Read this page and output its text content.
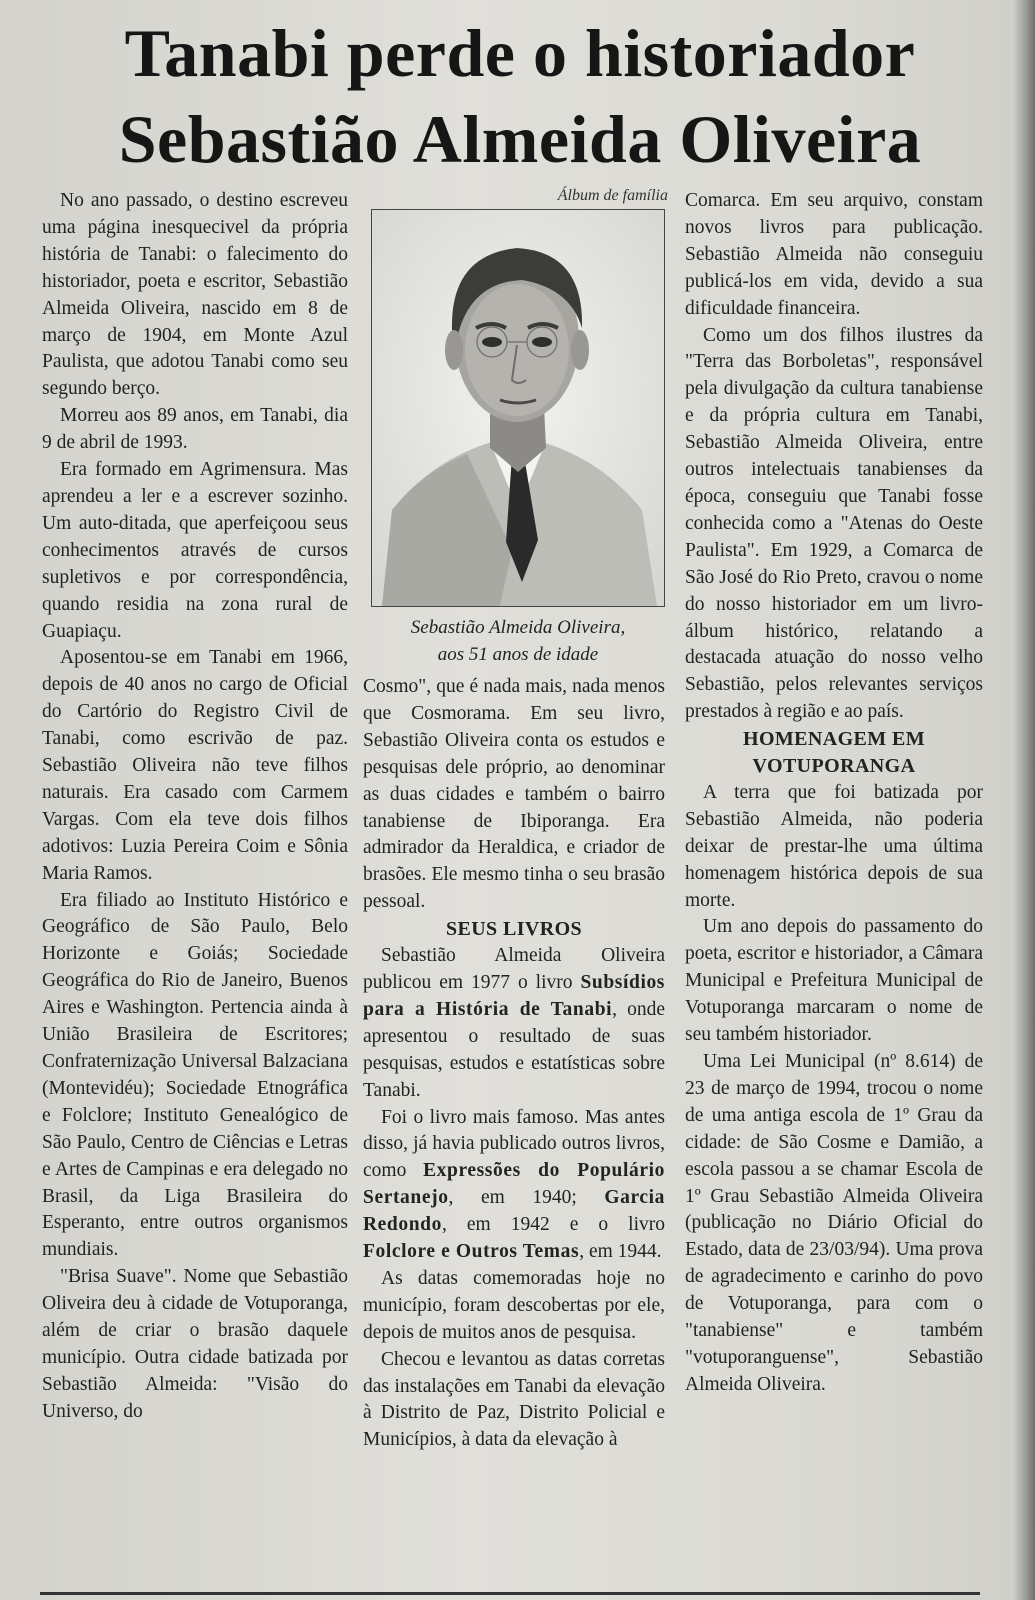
Tanabi perde o historiador
Sebastião Almeida Oliveira

No ano passado, o destino escreveu uma página inesquecivel da própria história de Tanabi: o falecimento do historiador, poeta e escritor, Sebastião Almeida Oliveira, nascido em 8 de março de 1904, em Monte Azul Paulista, que adotou Tanabi como seu segundo berço.

Morreu aos 89 anos, em Tanabi, dia 9 de abril de 1993.

Era formado em Agrimensura. Mas aprendeu a ler e a escrever sozinho. Um auto-ditada, que aperfeiçoou seus conhecimentos através de cursos supletivos e por correspondência, quando residia na zona rural de Guapiaçu.

Aposentou-se em Tanabi em 1966, depois de 40 anos no cargo de Oficial do Cartório do Registro Civil de Tanabi, como escrivão de paz. Sebastião Oliveira não teve filhos naturais. Era casado com Carmem Vargas. Com ela teve dois filhos adotivos: Luzia Pereira Coim e Sônia Maria Ramos.

Era filiado ao Instituto Histórico e Geográfico de São Paulo, Belo Horizonte e Goiás; Sociedade Geográfica do Rio de Janeiro, Buenos Aires e Washington. Pertencia ainda à União Brasileira de Escritores; Confraternização Universal Balzaciana (Montevidéu); Sociedade Etnográfica e Folclore; Instituto Genealógico de São Paulo, Centro de Ciências e Letras e Artes de Campinas e era delegado no Brasil, da Liga Brasileira do Esperanto, entre outros organismos mundiais.

"Brisa Suave". Nome que Sebastião Oliveira deu à cidade de Votuporanga, além de criar o brasão daquele município. Outra cidade batizada por Sebastião Almeida: "Visão do Universo, do

Álbum de família
Sebastião Almeida Oliveira,
aos 51 anos de idade

Cosmo", que é nada mais, nada menos que Cosmorama. Em seu livro, Sebastião Oliveira conta os estudos e pesquisas dele próprio, ao denominar as duas cidades e também o bairro tanabiense de Ibiporanga. Era admirador da Heraldica, e criador de brasões. Ele mesmo tinha o seu brasão pessoal.

SEUS LIVROS

Sebastião Almeida Oliveira publicou em 1977 o livro Subsídios para a História de Tanabi, onde apresentou o resultado de suas pesquisas, estudos e estatísticas sobre Tanabi.

Foi o livro mais famoso. Mas antes disso, já havia publicado outros livros, como Expressões do Populário Sertanejo, em 1940; Garcia Redondo, em 1942 e o livro Folclore e Outros Temas, em 1944.

As datas comemoradas hoje no município, foram descobertas por ele, depois de muitos anos de pesquisa.

Checou e levantou as datas corretas das instalações em Tanabi da elevação à Distrito de Paz, Distrito Policial e Municípios, à data da elevação à

Comarca. Em seu arquivo, constam novos livros para publicação. Sebastião Almeida não conseguiu publicá-los em vida, devido a sua dificuldade financeira.

Como um dos filhos ilustres da "Terra das Borboletas", responsável pela divulgação da cultura tanabiense e da própria cultura em Tanabi, Sebastião Almeida Oliveira, entre outros intelectuais tanabienses da época, conseguiu que Tanabi fosse conhecida como a "Atenas do Oeste Paulista". Em 1929, a Comarca de São José do Rio Preto, cravou o nome do nosso historiador em um livro-álbum histórico, relatando a destacada atuação do nosso velho Sebastião, pelos relevantes serviços prestados à região e ao país.

HOMENAGEM EM
VOTUPORANGA

A terra que foi batizada por Sebastião Almeida, não poderia deixar de prestar-lhe uma última homenagem histórica depois de sua morte.

Um ano depois do passamento do poeta, escritor e historiador, a Câmara Municipal e Prefeitura Municipal de Votuporanga marcaram o nome de seu também historiador.

Uma Lei Municipal (nº 8.614) de 23 de março de 1994, trocou o nome de uma antiga escola de 1º Grau da cidade: de São Cosme e Damião, a escola passou a se chamar Escola de 1º Grau Sebastião Almeida Oliveira (publicação no Diário Oficial do Estado, data de 23/03/94). Uma prova de agradecimento e carinho do povo de Votuporanga, para com o "tanabiense" e também "votuporanguense", Sebastião Almeida Oliveira.
